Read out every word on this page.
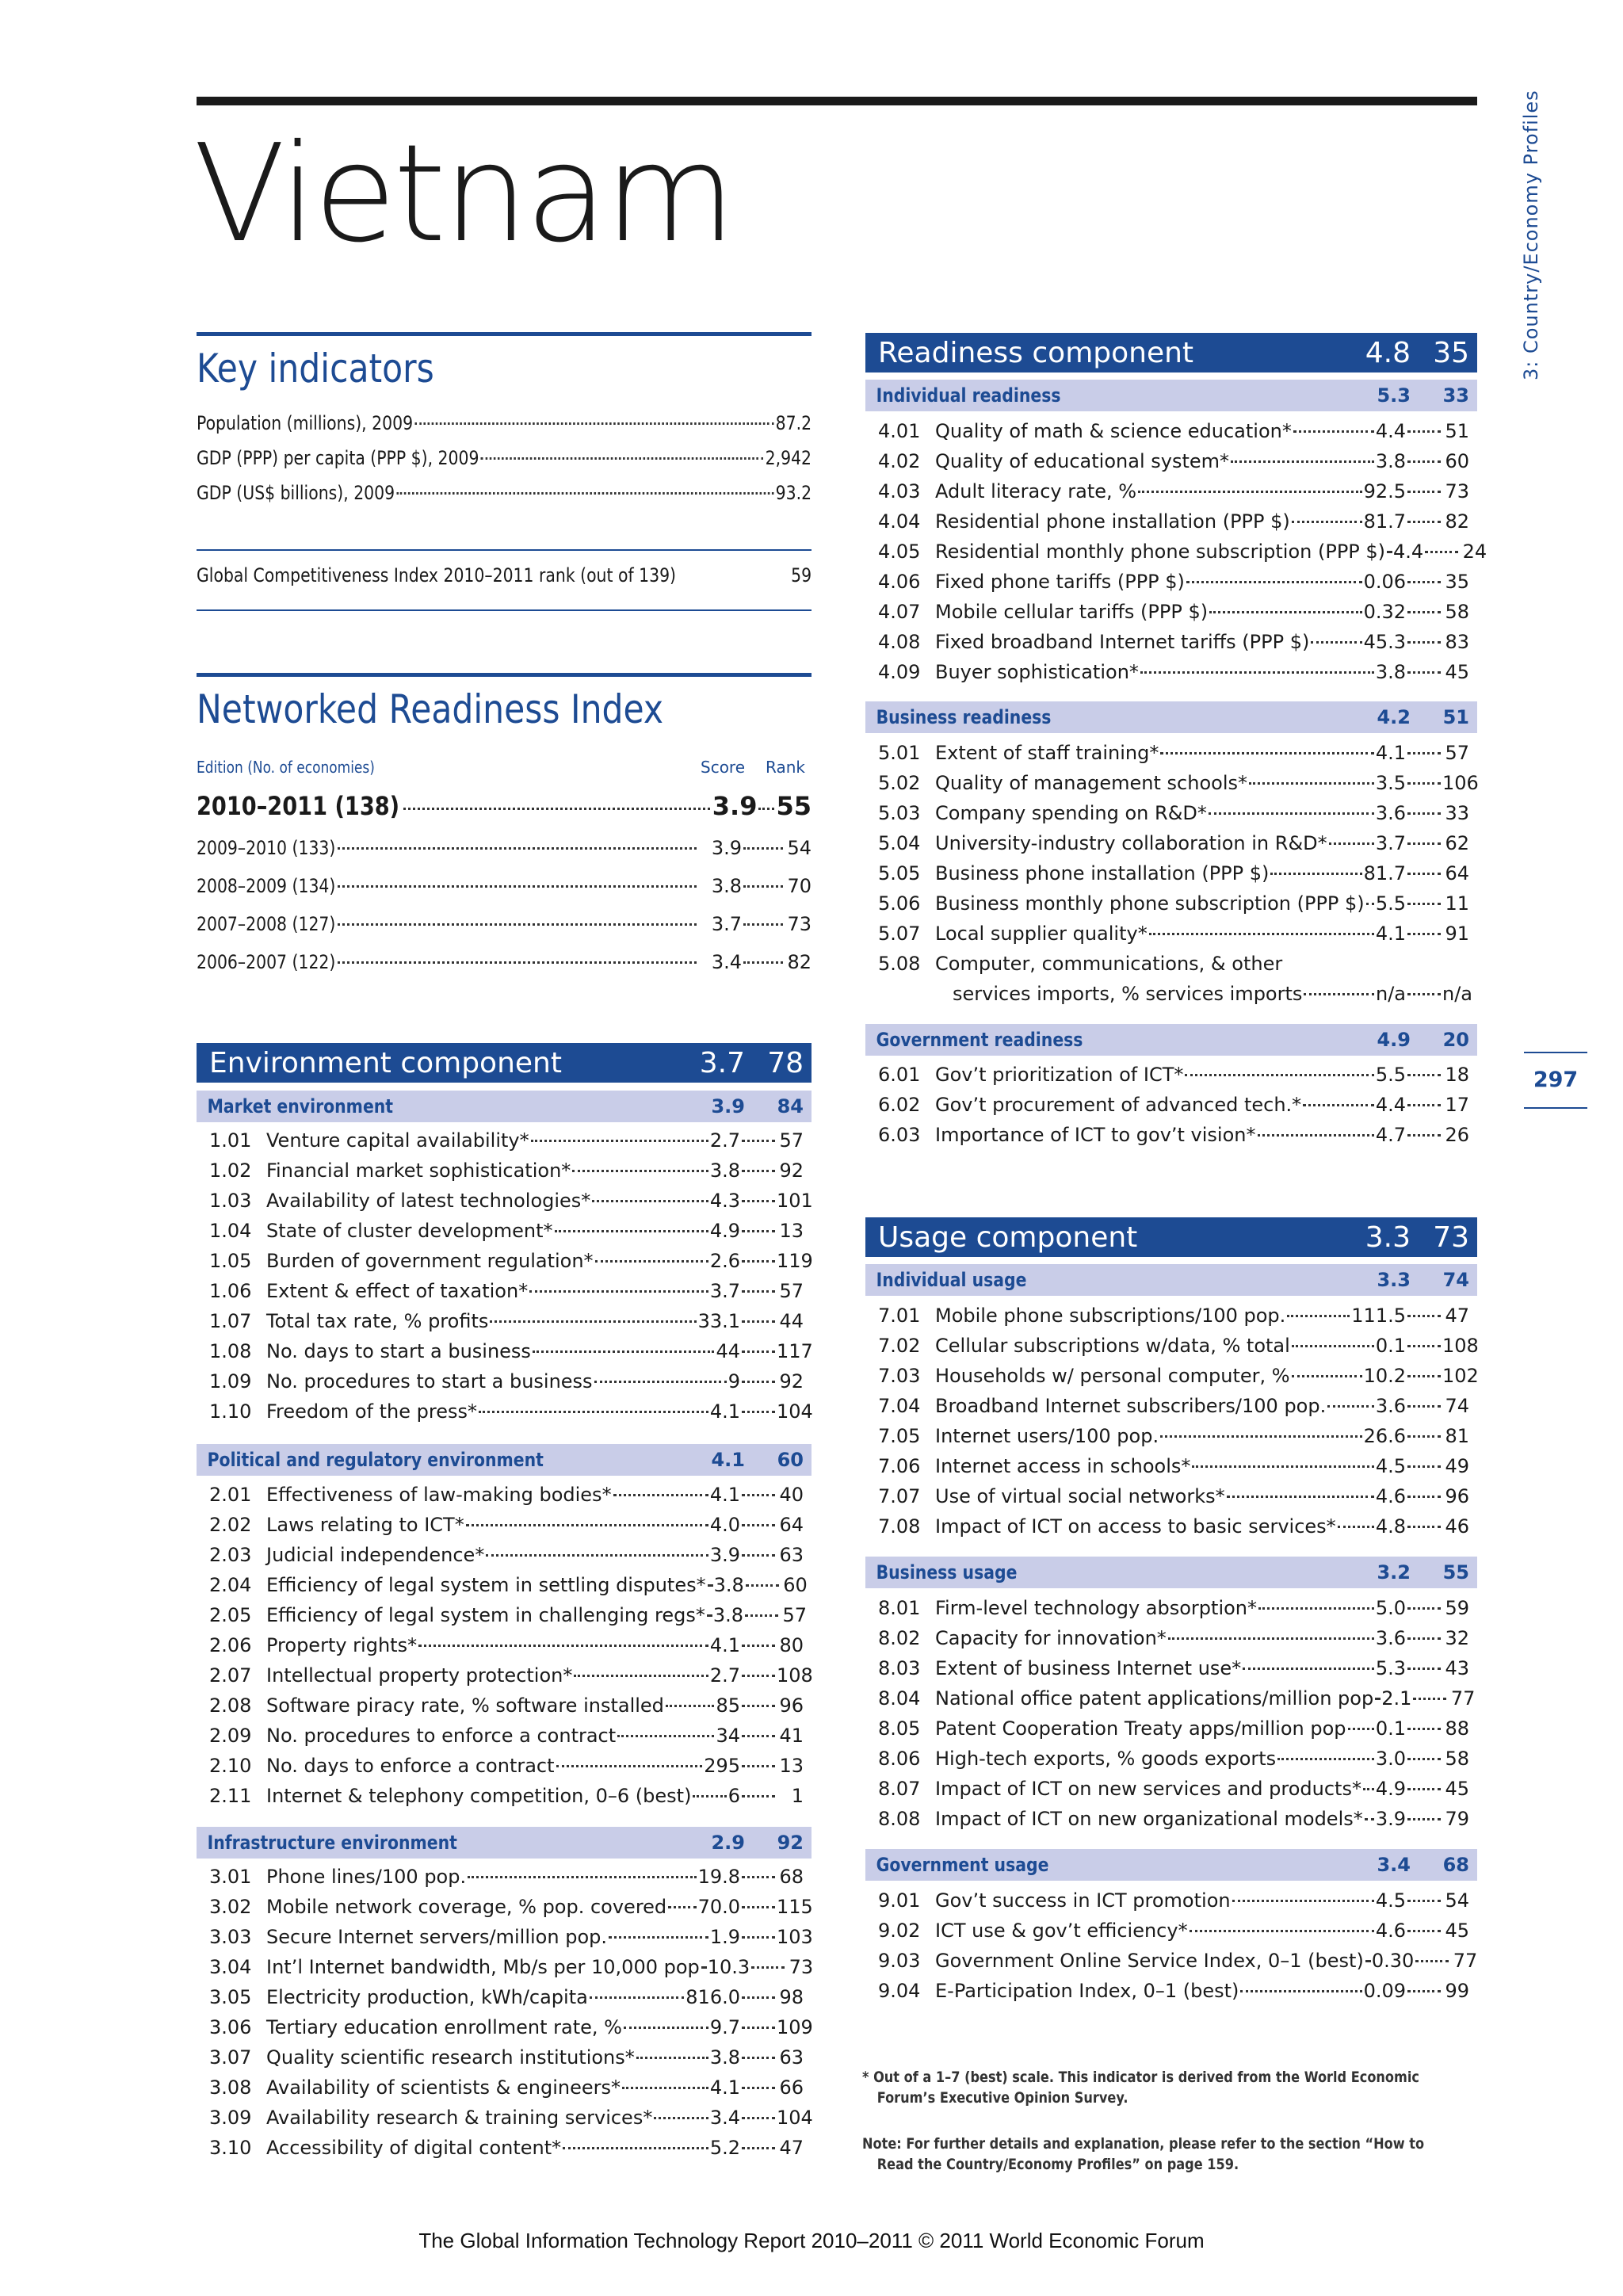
Vietnam	3: Country/Economy Profiles
297
Key indicators
Population (millions), 2009	87.2
GDP (PPP) per capita (PPP $), 2009	2,942
GDP (US$ billions), 2009	93.2
Global Competitiveness Index 2010–2011 rank (out of 139)	59
Networked Readiness Index
Edition (No. of economies)	Score Rank
2010–2011 (138)	3.9 55
2009–2010 (133)	3.9 54
2008–2009 (134)	3.8 70
2007–2008 (127)	3.7 73
2006–2007 (122)	3.4 82
Environment component	3.7 78
Market environment	3.9	84
1.01 Venture capital availability*	2.7 57
1.02 Financial market sophistication*	3.8 92
1.03 Availability of latest technologies*	4.3 101
1.04 State of cluster development*	4.9 13
1.05 Burden of government regulation*	2.6 119
1.06 Extent & effect of taxation*	3.7 57
1.07 Total tax rate, % profits	33.1 44
1.08 No. days to start a business	44 117
1.09 No. procedures to start a business	9 92
1.10 Freedom of the press*	4.1 104
Political and regulatory environment	4.1	60
2.01 Effectiveness of law-making bodies*	4.1 40
2.02 Laws relating to ICT*	4.0 64
2.03 Judicial independence*	3.9 63
2.04 Efficiency of legal system in settling disputes* 3.8 60
2.05 Efficiency of legal system in challenging regs* 3.8 57
2.06 Property rights*	4.1 80
2.07 Intellectual property protection*	2.7 108
2.08 Software piracy rate, % software installed	85 96
2.09 No. procedures to enforce a contract	34 41
2.10 No. days to enforce a contract	295 13
2.11 Internet & telephony competition, 0–6 (best) 6	1
Infrastructure environment	2.9	92
3.01 Phone lines/100 pop.	19.8 68
3.02 Mobile network coverage, % pop. covered 70.0 115
3.03 Secure Internet servers/million pop.	1.9 103
3.04 Int’l Internet bandwidth, Mb/s per 10,000 pop 10.3 73
3.05 Electricity production, kWh/capita	816.0 98
3.06 Tertiary education enrollment rate, %	9.7 109
3.07 Quality scientific research institutions*	3.8 63
3.08 Availability of scientists & engineers*	4.1 66
3.09 Availability research & training services*	3.4 104
3.10 Accessibility of digital content*	5.2 47
Readiness component	4.8 35
Individual readiness	5.3	33
4.01 Quality of math & science education*	4.4 51
4.02 Quality of educational system*	3.8 60
4.03 Adult literacy rate, %	92.5 73
4.04 Residential phone installation (PPP $)	81.7 82
4.05 Residential monthly phone subscription (PPP $) 4.4 24
4.06 Fixed phone tariffs (PPP $)	0.06 35
4.07 Mobile cellular tariffs (PPP $)	0.32 58
4.08 Fixed broadband Internet tariffs (PPP $)	45.3 83
4.09 Buyer sophistication*	3.8 45
Business readiness	4.2	51
5.01 Extent of staff training*	4.1 57
5.02 Quality of management schools*	3.5 106
5.03 Company spending on R&D*	3.6 33
5.04 University-industry collaboration in R&D*	3.7 62
5.05 Business phone installation (PPP $)	81.7 64
5.06 Business monthly phone subscription (PPP $) 5.5 11
5.07 Local supplier quality*	4.1 91
5.08 Computer, communications, & other
services imports, % services imports	n/a n/a
Government readiness	4.9	20
6.01 Gov’t prioritization of ICT*	5.5 18
6.02 Gov’t procurement of advanced tech.*	4.4 17
6.03 Importance of ICT to gov’t vision*	4.7 26
Usage component	3.3 73
Individual usage	3.3	74
7.01 Mobile phone subscriptions/100 pop.	111.5 47
7.02 Cellular subscriptions w/data, % total	0.1 108
7.03 Households w/ personal computer, %	10.2 102
7.04 Broadband Internet subscribers/100 pop.	3.6 74
7.05 Internet users/100 pop.	26.6 81
7.06 Internet access in schools*	4.5 49
7.07 Use of virtual social networks*	4.6 96
7.08 Impact of ICT on access to basic services* 4.8 46
Business usage	3.2	55
8.01 Firm-level technology absorption*	5.0 59
8.02 Capacity for innovation*	3.6 32
8.03 Extent of business Internet use*	5.3 43
8.04 National office patent applications/million pop 2.1 77
8.05 Patent Cooperation Treaty apps/million pop 0.1 88
8.06 High-tech exports, % goods exports	3.0 58
8.07 Impact of ICT on new services and products* 4.9 45
8.08 Impact of ICT on new organizational models* 3.9 79
Government usage	3.4	68
9.01 Gov’t success in ICT promotion	4.5 54
9.02 ICT use & gov’t efficiency*	4.6 45
9.03 Government Online Service Index, 0–1 (best) 0.30 77
9.04 E-Participation Index, 0–1 (best)	0.09 99
* Out of a 1–7 (best) scale. This indicator is derived from the World Economic
Forum’s Executive Opinion Survey.
Note: For further details and explanation, please refer to the section “How to
Read the Country/Economy Profiles” on page 159.
The Global Information Technology Report 2010–2011 © 2011 World Economic Forum
